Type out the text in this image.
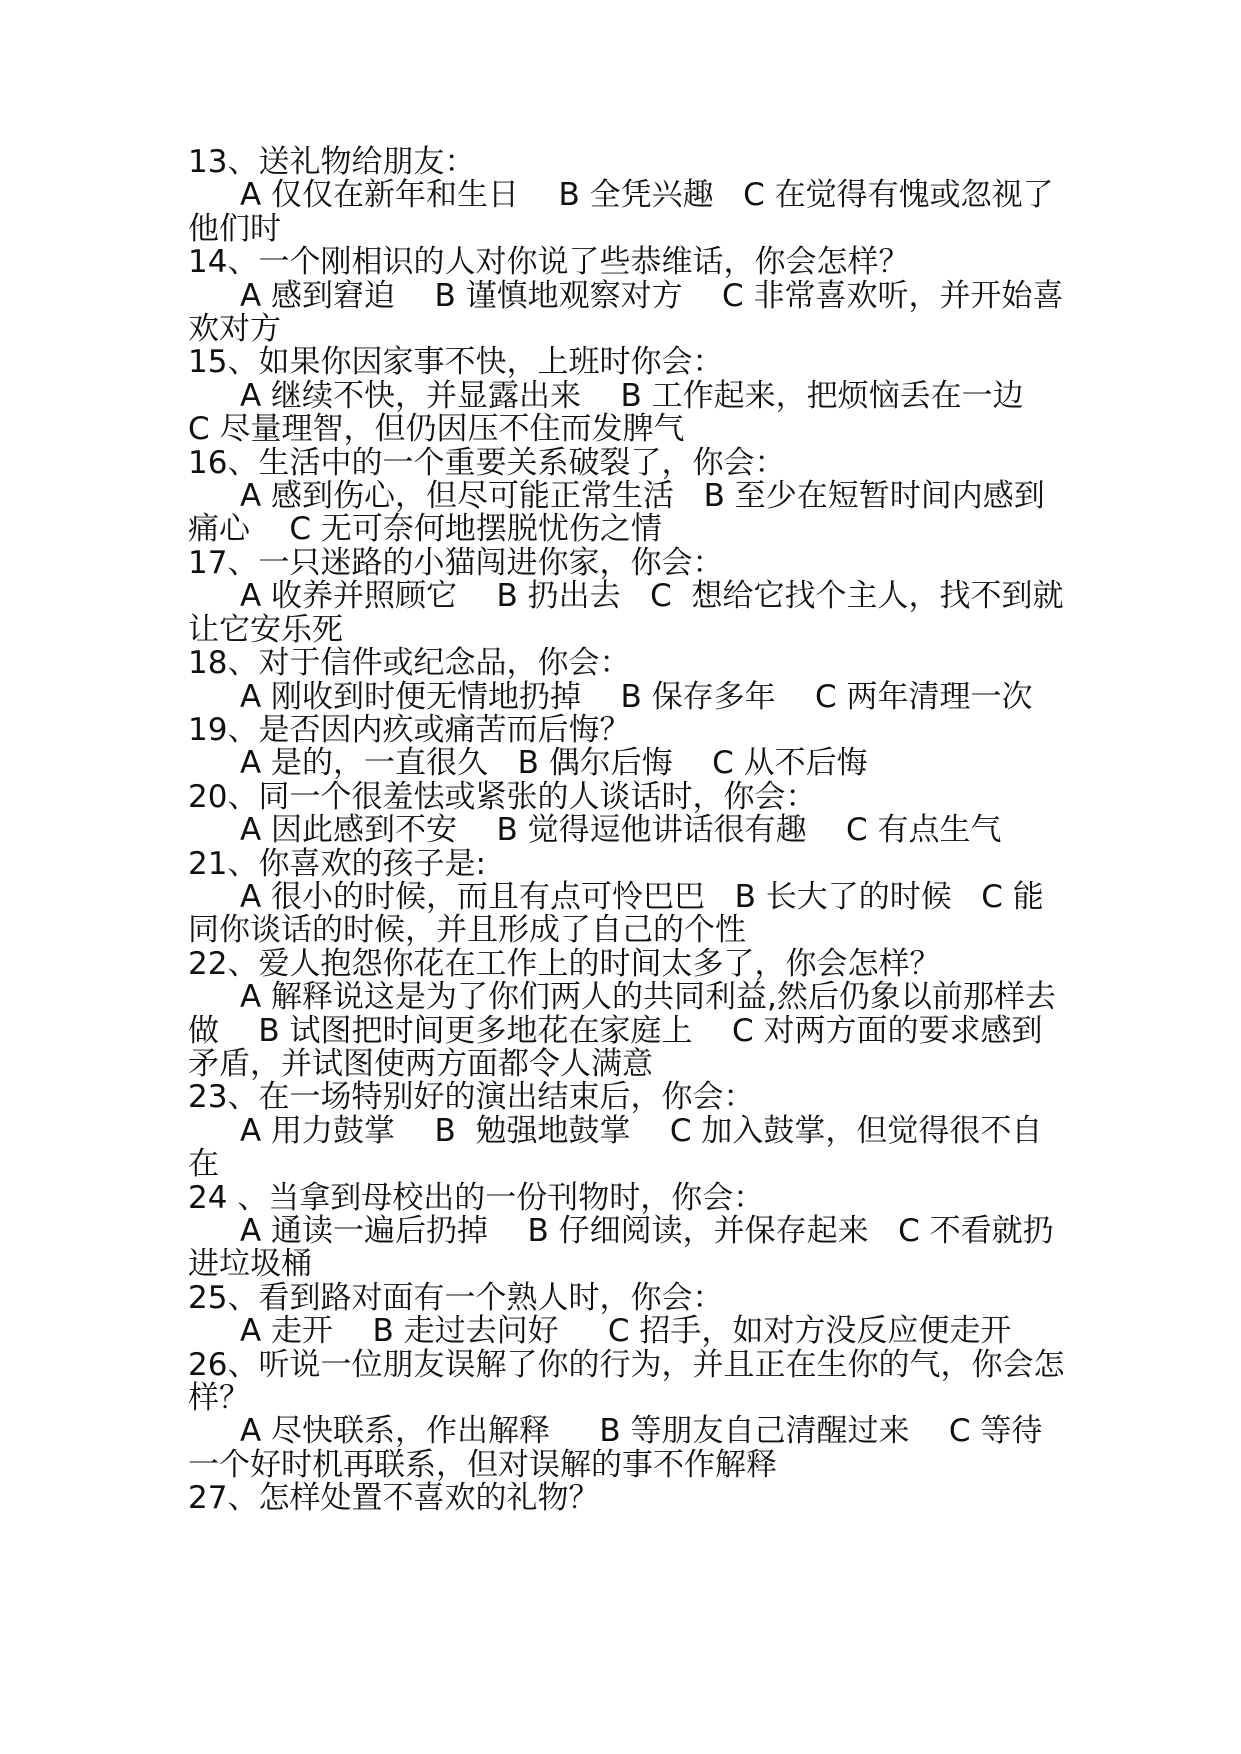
13、送礼物给朋友：

A 仅仅在新年和生日    B 全凭兴趣   C 在觉得有愧或忽视了他们时

14、一个刚相识的人对你说了些恭维话，你会怎样？

A 感到窘迫    B 谨慎地观察对方    C 非常喜欢听，并开始喜欢对方

15、如果你因家事不快，上班时你会：

A 继续不快，并显露出来    B 工作起来，把烦恼丢在一边    C 尽量理智，但仍因压不住而发脾气

16、生活中的一个重要关系破裂了，你会：

A 感到伤心，但尽可能正常生活   B 至少在短暂时间内感到痛心    C 无可奈何地摆脱忧伤之情

17、一只迷路的小猫闯进你家，你会：

A 收养并照顾它    B 扔出去   C  想给它找个主人，找不到就让它安乐死

18、对于信件或纪念品，你会：

A 刚收到时便无情地扔掉    B 保存多年    C 两年清理一次

19、是否因内疚或痛苦而后悔？

A 是的，一直很久   B 偶尔后悔    C 从不后悔

20、同一个很羞怯或紧张的人谈话时，你会：

A 因此感到不安    B 觉得逗他讲话很有趣    C 有点生气

21、你喜欢的孩子是:

A 很小的时候，而且有点可怜巴巴   B 长大了的时候   C 能同你谈话的时候，并且形成了自己的个性

22、爱人抱怨你花在工作上的时间太多了，你会怎样？

A 解释说这是为了你们两人的共同利益,然后仍象以前那样去做    B 试图把时间更多地花在家庭上    C 对两方面的要求感到矛盾，并试图使两方面都令人满意

23、在一场特别好的演出结束后，你会：

A 用力鼓掌    B  勉强地鼓掌    C 加入鼓掌，但觉得很不自在

24 、当拿到母校出的一份刊物时，你会：

A 通读一遍后扔掉    B 仔细阅读，并保存起来   C 不看就扔进垃圾桶

25、看到路对面有一个熟人时，你会：

A 走开    B 走过去问好     C 招手，如对方没反应便走开

26、听说一位朋友误解了你的行为，并且正在生你的气，你会怎样？

A 尽快联系，作出解释     B 等朋友自己清醒过来    C 等待一个好时机再联系，但对误解的事不作解释

27、怎样处置不喜欢的礼物？
